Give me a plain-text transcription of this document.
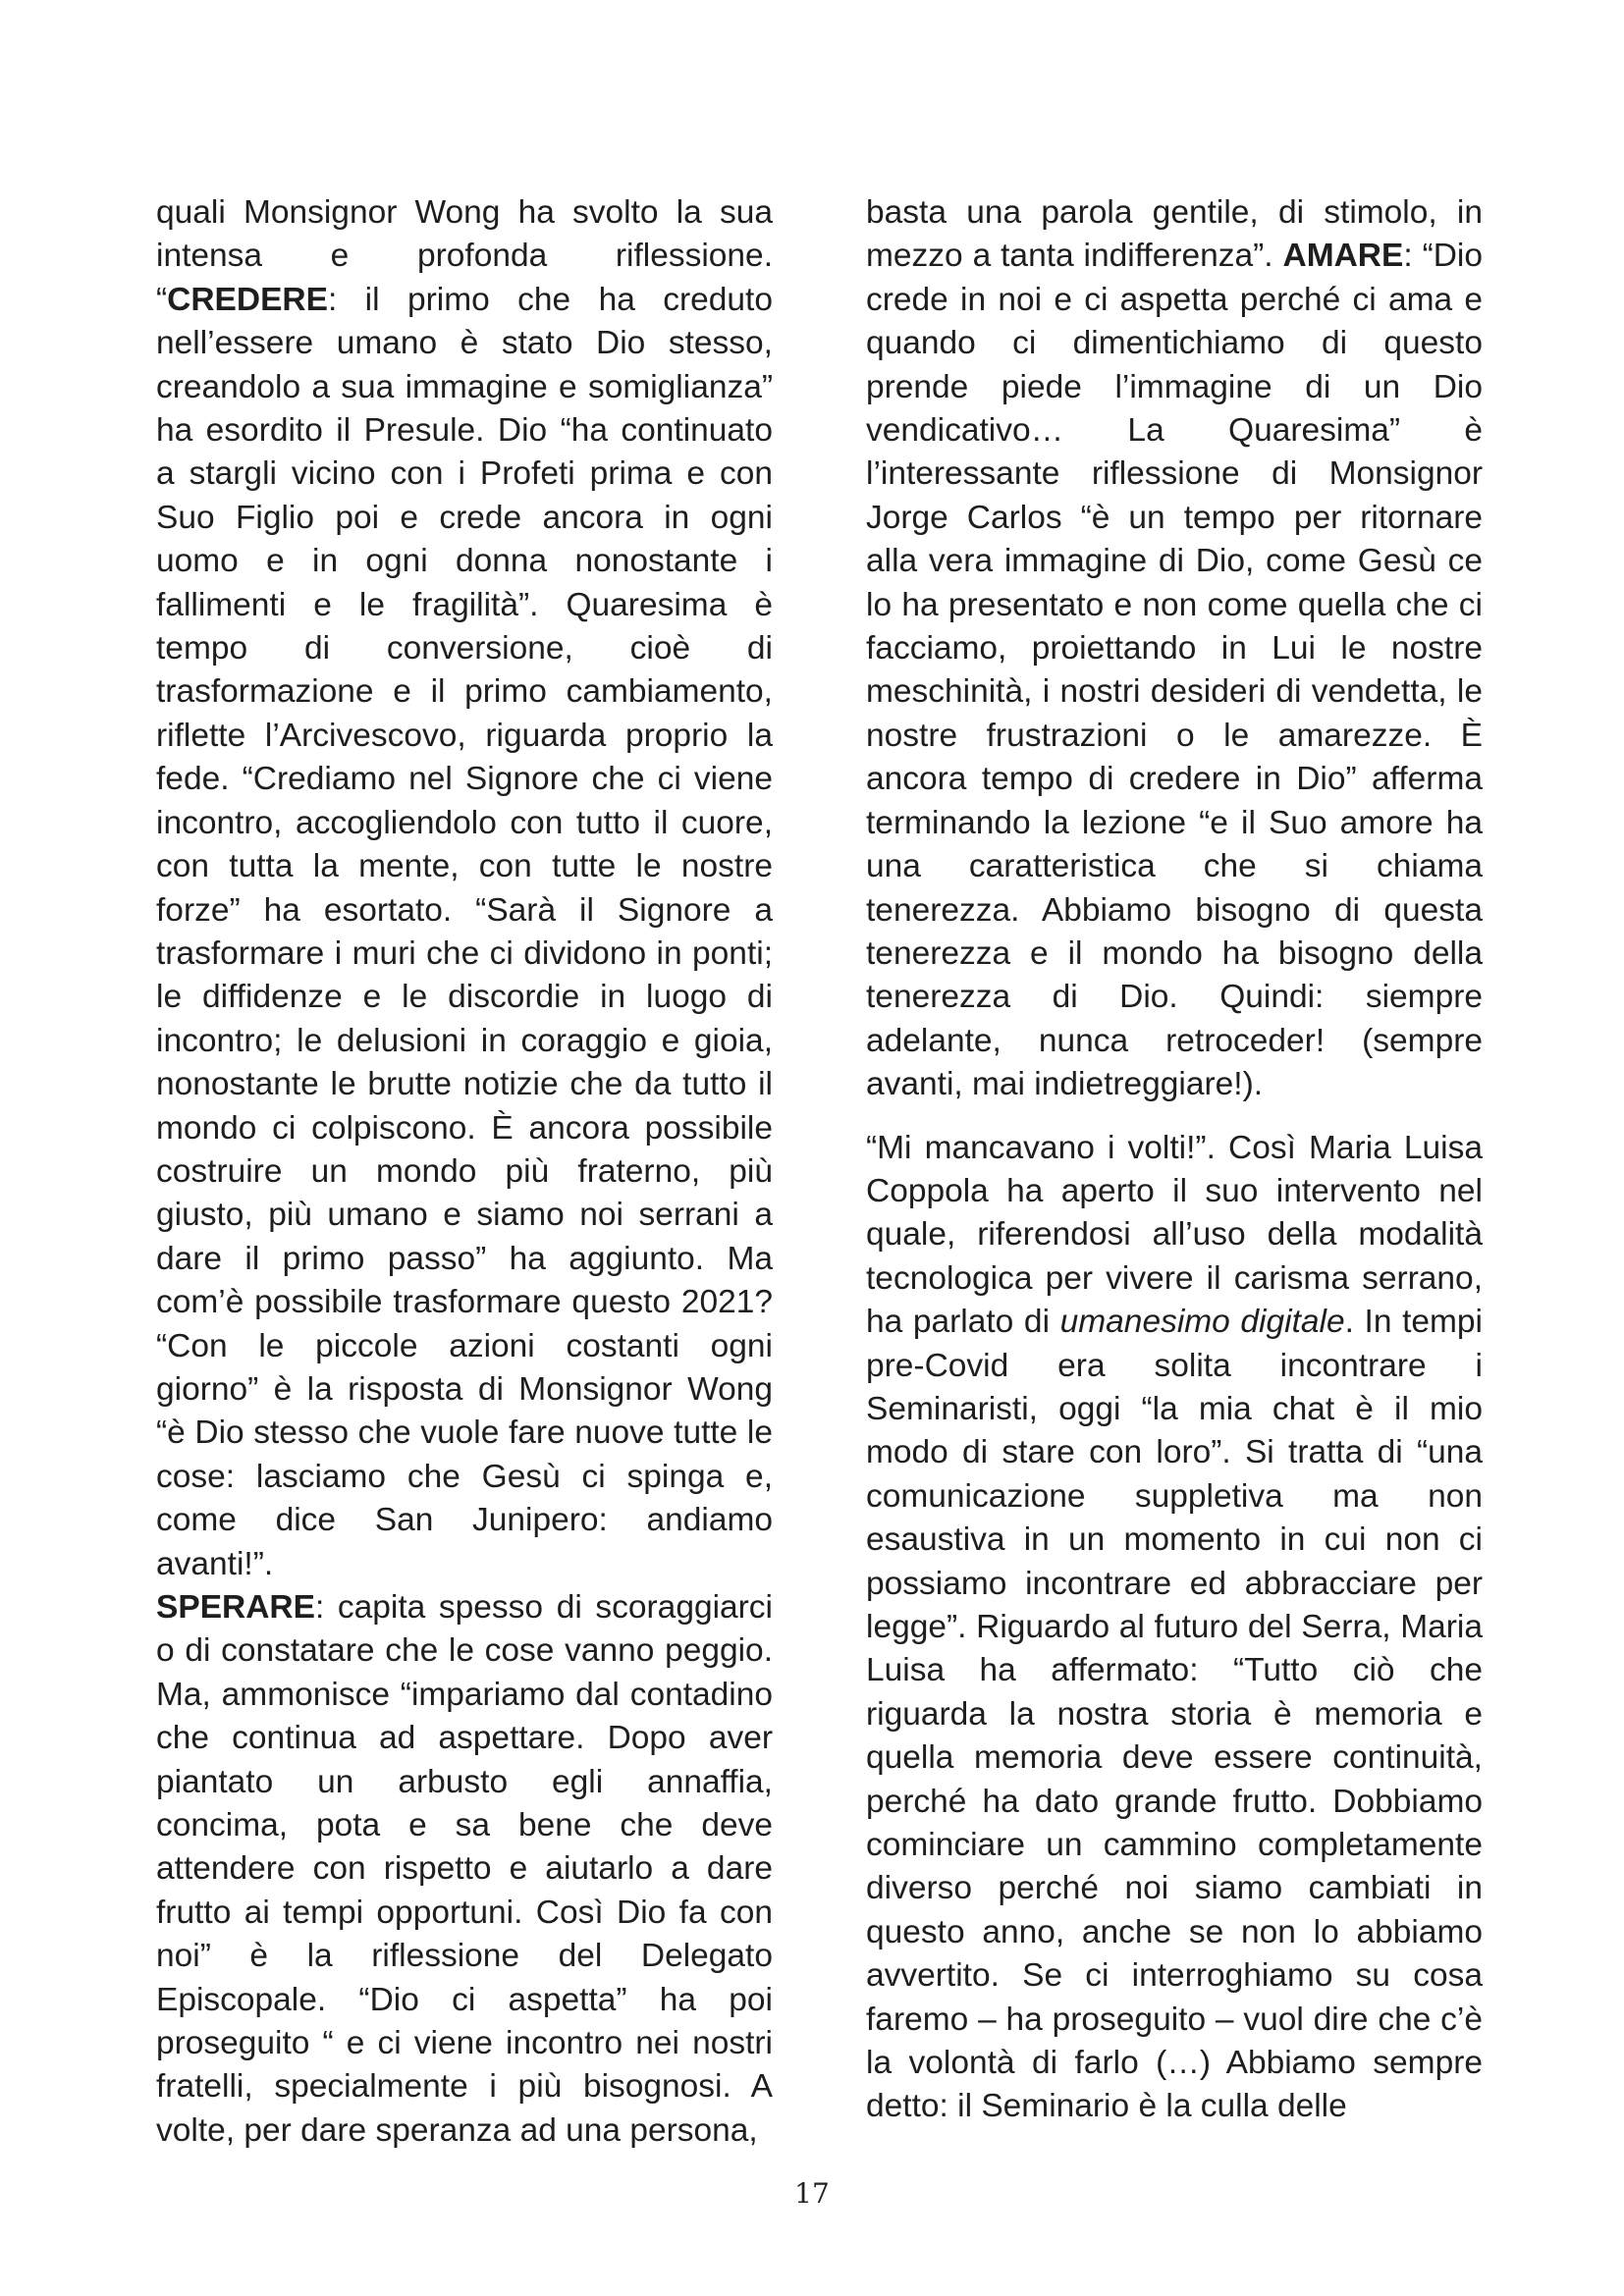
quali Monsignor Wong ha svolto la sua intensa e profonda riflessione. “CREDERE: il primo che ha creduto nell’essere umano è stato Dio stesso, creandolo a sua immagine e somiglianza” ha esordito il Presule. Dio “ha continuato a stargli vicino con i Profeti prima e con Suo Figlio poi e crede ancora in ogni uomo e in ogni donna nonostante i fallimenti e le fragilità”. Quaresima è tempo di conversione, cioè di trasformazione e il primo cambiamento, riflette l’Arcivescovo, riguarda proprio la fede. “Crediamo nel Signore che ci viene incontro, accogliendolo con tutto il cuore, con tutta la mente, con tutte le nostre forze” ha esortato. “Sarà il Signore a trasformare i muri che ci dividono in ponti; le diffidenze e le discordie in luogo di incontro; le delusioni in coraggio e gioia, nonostante le brutte notizie che da tutto il mondo ci colpiscono. È ancora possibile costruire un mondo più fraterno, più giusto, più umano e siamo noi serrani a dare il primo passo” ha aggiunto. Ma com’è possibile trasformare questo 2021? “Con le piccole azioni costanti ogni giorno” è la risposta di Monsignor Wong “è Dio stesso che vuole fare nuove tutte le cose: lasciamo che Gesù ci spinga e, come dice San Junipero: andiamo avanti!”.

SPERARE: capita spesso di scoraggiarci o di constatare che le cose vanno peggio. Ma, ammonisce “impariamo dal contadino che continua ad aspettare. Dopo aver piantato un arbusto egli annaffia, concima, pota e sa bene che deve attendere con rispetto e aiutarlo a dare frutto ai tempi opportuni. Così Dio fa con noi” è la riflessione del Delegato Episcopale. “Dio ci aspetta” ha poi proseguito “ e ci viene incontro nei nostri fratelli, specialmente i più bisognosi. A volte, per dare speranza ad una persona,

basta una parola gentile, di stimolo, in mezzo a tanta indifferenza”. AMARE: “Dio crede in noi e ci aspetta perché ci ama e quando ci dimentichiamo di questo prende piede l’immagine di un Dio vendicativo… La Quaresima” è l’interessante riflessione di Monsignor Jorge Carlos “è un tempo per ritornare alla vera immagine di Dio, come Gesù ce lo ha presentato e non come quella che ci facciamo, proiettando in Lui le nostre meschinità, i nostri desideri di vendetta, le nostre frustrazioni o le amarezze. È ancora tempo di credere in Dio” afferma terminando la lezione “e il Suo amore ha una caratteristica che si chiama tenerezza. Abbiamo bisogno di questa tenerezza e il mondo ha bisogno della tenerezza di Dio. Quindi: siempre adelante, nunca retroceder! (sempre avanti, mai indietreggiare!).

“Mi mancavano i volti!”. Così Maria Luisa Coppola ha aperto il suo intervento nel quale, riferendosi all’uso della modalità tecnologica per vivere il carisma serrano, ha parlato di umanesimo digitale. In tempi pre-Covid era solita incontrare i Seminaristi, oggi “la mia chat è il mio modo di stare con loro”. Si tratta di “una comunicazione suppletiva ma non esaustiva in un momento in cui non ci possiamo incontrare ed abbracciare per legge”. Riguardo al futuro del Serra, Maria Luisa ha affermato: “Tutto ciò che riguarda la nostra storia è memoria e quella memoria deve essere continuità, perché ha dato grande frutto. Dobbiamo cominciare un cammino completamente diverso perché noi siamo cambiati in questo anno, anche se non lo abbiamo avvertito. Se ci interroghiamo su cosa faremo – ha proseguito – vuol dire che c’è la volontà di farlo (…) Abbiamo sempre detto: il Seminario è la culla delle

17
